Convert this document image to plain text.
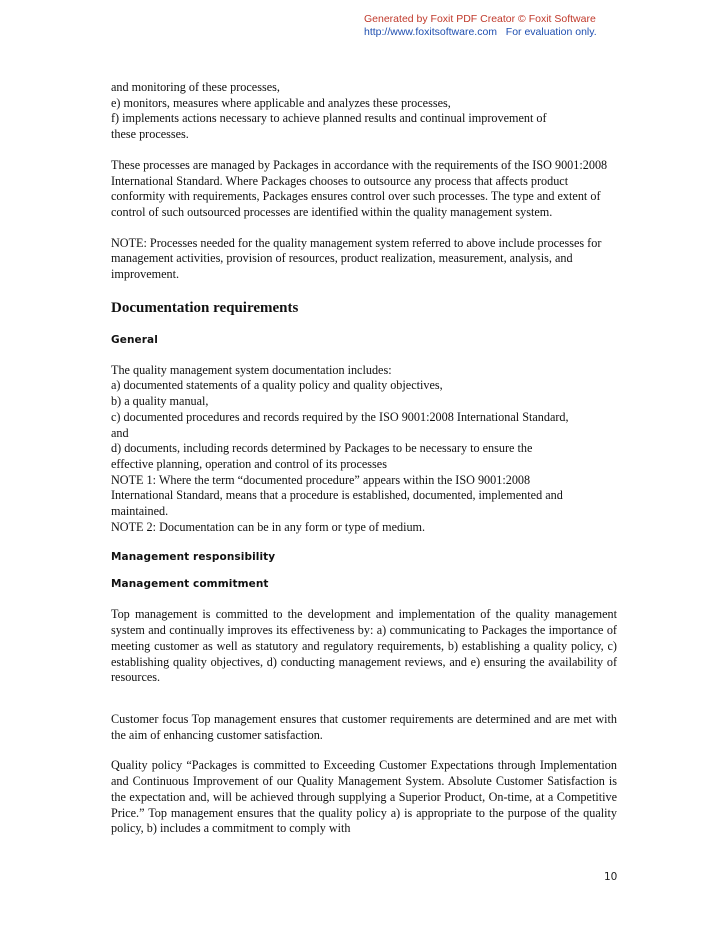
Generated by Foxit PDF Creator © Foxit Software
http://www.foxitsoftware.com   For evaluation only.

and monitoring of these processes,

e) monitors, measures where applicable and analyzes these processes,

f) implements actions necessary to achieve planned results and continual improvement of

these processes.

These processes are managed by Packages in accordance with the requirements of the ISO 9001:2008 International Standard. Where Packages chooses to outsource any process that affects product conformity with requirements, Packages ensures control over such processes. The type and extent of control of such outsourced processes are identified within the quality management system.

NOTE: Processes needed for the quality management system referred to above include processes for management activities, provision of resources, product realization, measurement, analysis, and improvement.

Documentation requirements
General

The quality management system documentation includes:

a) documented statements of a quality policy and quality objectives,

b) a quality manual,

c) documented procedures and records required by the ISO 9001:2008 International Standard,

and

d) documents, including records determined by Packages to be necessary to ensure the

effective planning, operation and control of its processes

NOTE 1: Where the term “documented procedure” appears within the ISO 9001:2008

International Standard, means that a procedure is established, documented, implemented and

maintained.

NOTE 2: Documentation can be in any form or type of medium.

Management responsibility
Management commitment

Top management is committed to the development and implementation of the quality management system and continually improves its effectiveness by: a) communicating to Packages the importance of meeting customer as well as statutory and regulatory requirements, b) establishing a quality policy, c) establishing quality objectives, d) conducting management reviews, and e) ensuring the availability of resources.

Customer focus Top management ensures that customer requirements are determined and are met with the aim of enhancing customer satisfaction.

Quality policy “Packages is committed to Exceeding Customer Expectations through Implementation and Continuous Improvement of our Quality Management System. Absolute Customer Satisfaction is the expectation and, will be achieved through supplying a Superior Product, On-time, at a Competitive Price.” Top management ensures that the quality policy a) is appropriate to the purpose of the quality policy, b) includes a commitment to comply with

10
